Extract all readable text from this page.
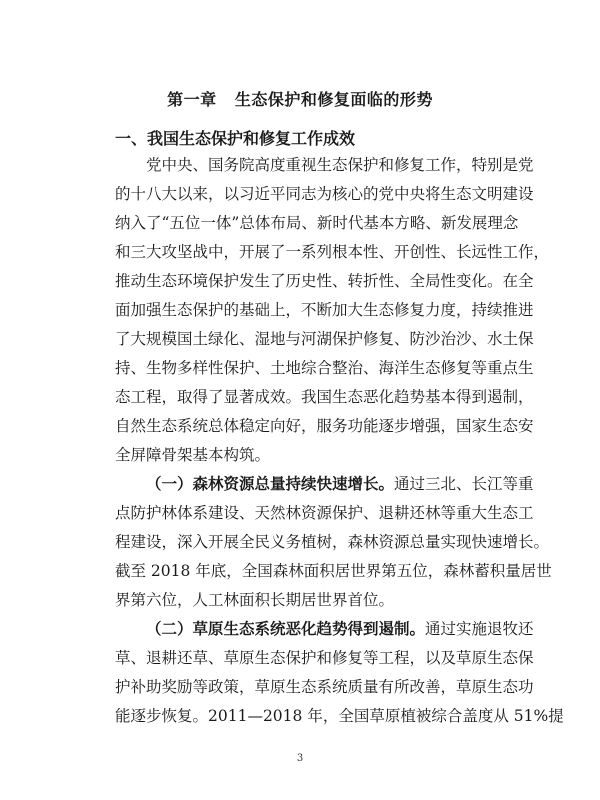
第一章   生态保护和修复面临的形势
一、我国生态保护和修复工作成效
党中央、国务院高度重视生态保护和修复工作，特别是党
的十八大以来，以习近平同志为核心的党中央将生态文明建设
纳入了“五位一体”总体布局、新时代基本方略、新发展理念
和三大攻坚战中，开展了一系列根本性、开创性、长远性工作，
推动生态环境保护发生了历史性、转折性、全局性变化。在全
面加强生态保护的基础上，不断加大生态修复力度，持续推进
了大规模国土绿化、湿地与河湖保护修复、防沙治沙、水土保
持、生物多样性保护、土地综合整治、海洋生态修复等重点生
态工程，取得了显著成效。我国生态恶化趋势基本得到遏制，
自然生态系统总体稳定向好，服务功能逐步增强，国家生态安
全屏障骨架基本构筑。
（一）森林资源总量持续快速增长。通过三北、长江等重
点防护林体系建设、天然林资源保护、退耕还林等重大生态工
程建设，深入开展全民义务植树，森林资源总量实现快速增长。
截至 2018 年底，全国森林面积居世界第五位，森林蓄积量居世
界第六位，人工林面积长期居世界首位。
（二）草原生态系统恶化趋势得到遏制。通过实施退牧还
草、退耕还草、草原生态保护和修复等工程，以及草原生态保
护补助奖励等政策，草原生态系统质量有所改善，草原生态功
能逐步恢复。2011—2018 年，全国草原植被综合盖度从 51%提
3
